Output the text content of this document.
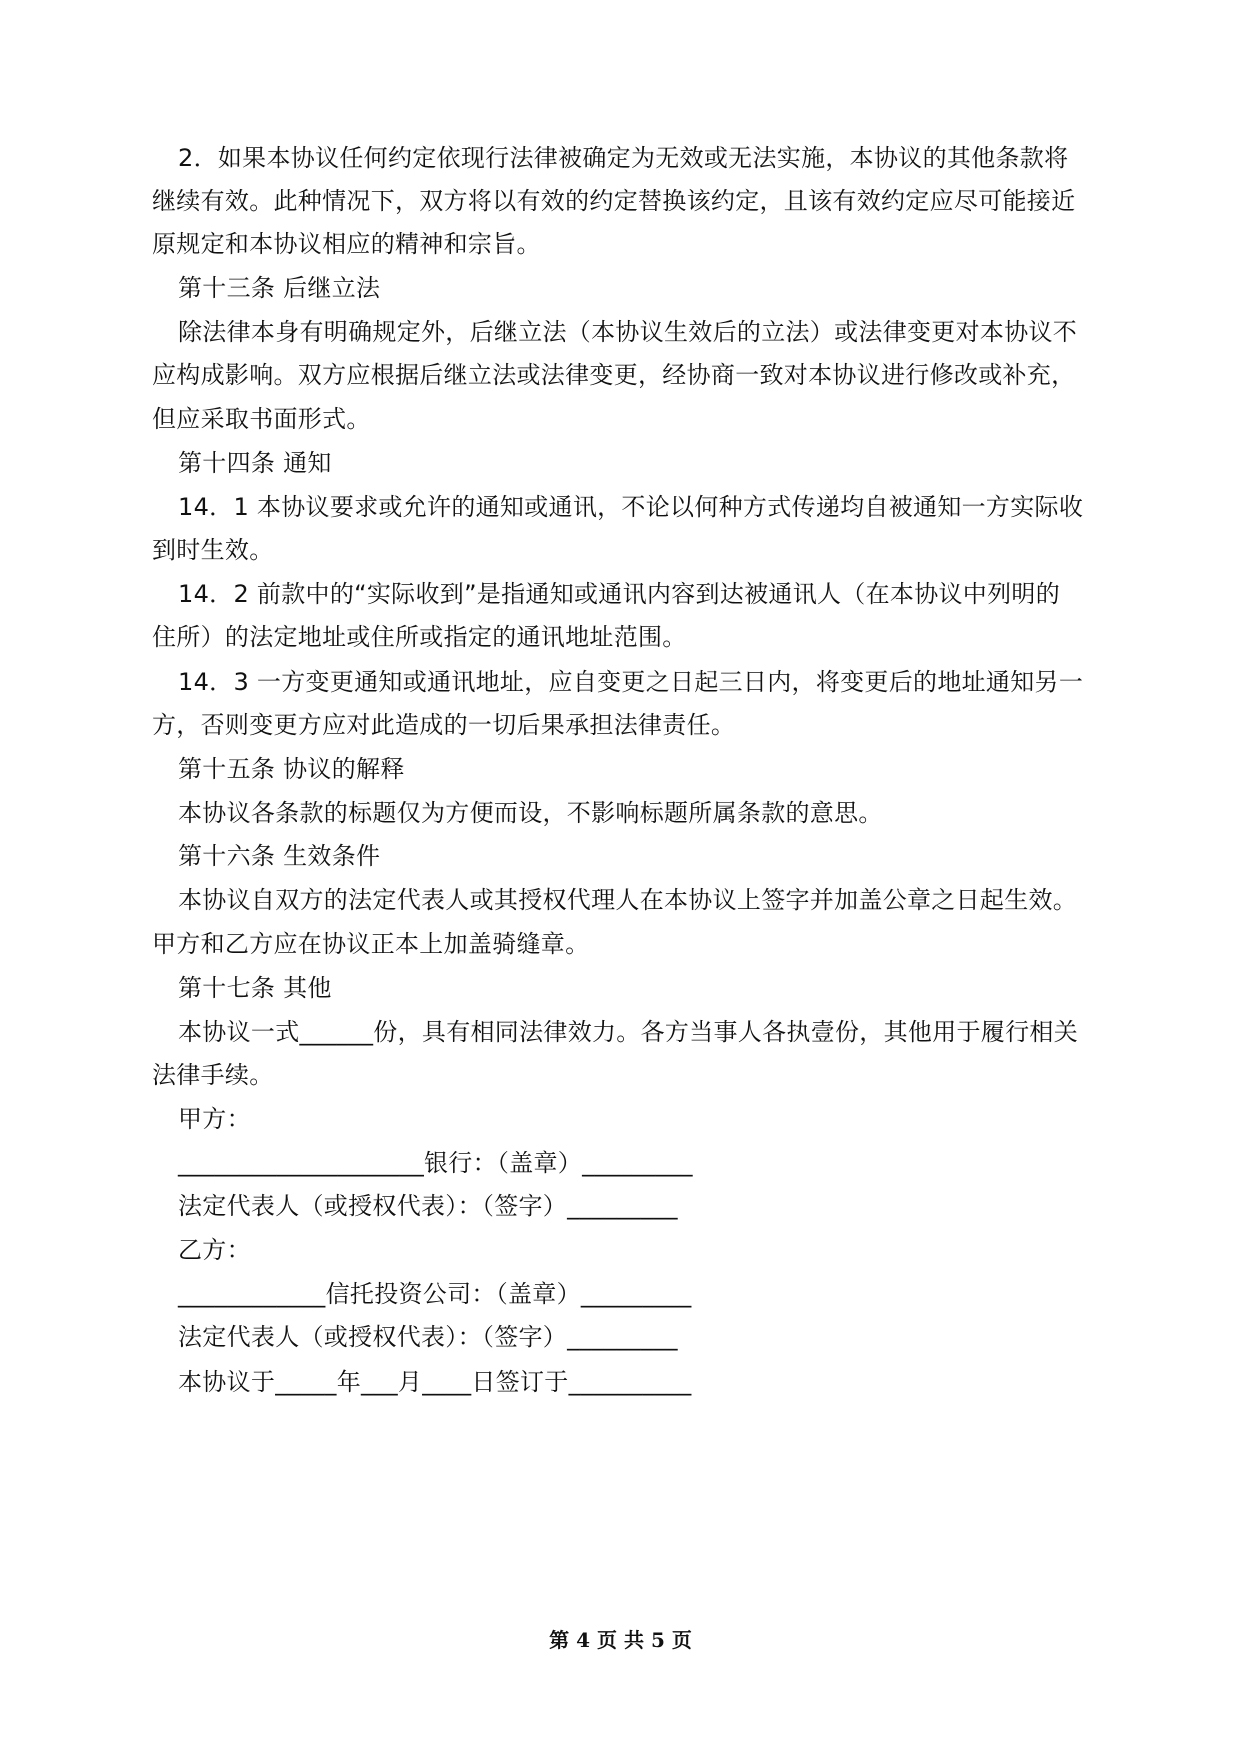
2．如果本协议任何约定依现行法律被确定为无效或无法实施，本协议的其他条款将
继续有效。此种情况下，双方将以有效的约定替换该约定，且该有效约定应尽可能接近
原规定和本协议相应的精神和宗旨。
第十三条 后继立法
除法律本身有明确规定外，后继立法（本协议生效后的立法）或法律变更对本协议不
应构成影响。双方应根据后继立法或法律变更，经协商一致对本协议进行修改或补充，
但应采取书面形式。
第十四条 通知
14．1 本协议要求或允许的通知或通讯，不论以何种方式传递均自被通知一方实际收
到时生效。
14．2 前款中的“实际收到”是指通知或通讯内容到达被通讯人（在本协议中列明的
住所）的法定地址或住所或指定的通讯地址范围。
14．3 一方变更通知或通讯地址，应自变更之日起三日内，将变更后的地址通知另一
方，否则变更方应对此造成的一切后果承担法律责任。
第十五条 协议的解释
本协议各条款的标题仅为方便而设，不影响标题所属条款的意思。
第十六条 生效条件
本协议自双方的法定代表人或其授权代理人在本协议上签字并加盖公章之日起生效。
甲方和乙方应在协议正本上加盖骑缝章。
第十七条 其他
本协议一式______份，具有相同法律效力。各方当事人各执壹份，其他用于履行相关
法律手续。
甲方：
____________________银行：（盖章）_________
法定代表人（或授权代表）：（签字）_________
乙方：
____________信托投资公司：（盖章）_________
法定代表人（或授权代表）：（签字）_________
本协议于_____年___月____日签订于__________
第 4 页 共 5 页
